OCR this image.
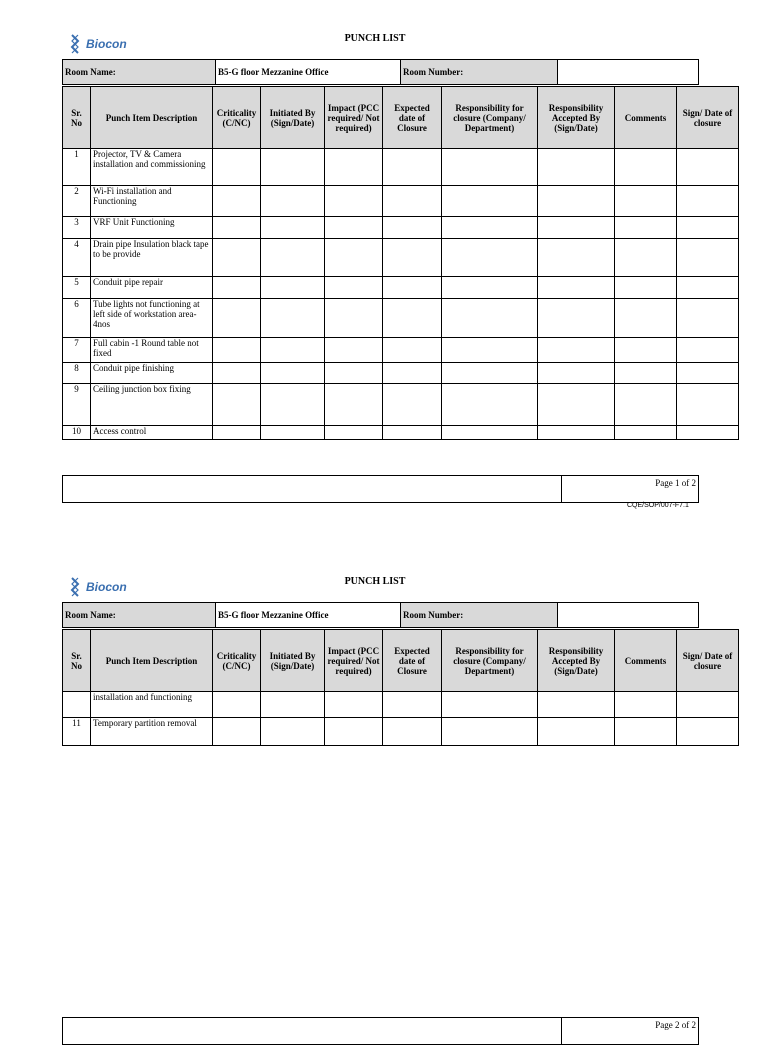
Biocon	PUNCH LIST
Room Name:	B5-G floor Mezzanine Office	Room Number:	
Sr. No	Punch Item Description	Criticality (C/NC)	Initiated By (Sign/Date)	Impact (PCC required/ Not required)	Expected date of Closure	Responsibility for closure (Company/ Department)	Responsibility Accepted By (Sign/Date)	Comments	Sign/ Date of closure
1	Projector, TV & Camera installation and commissioning								
2	Wi-Fi installation and Functioning								
3	VRF Unit Functioning								
4	Drain pipe Insulation black tape to be provide								
5	Conduit pipe repair								
6	Tube lights not functioning at left side of workstation area- 4nos								
7	Full cabin -1 Round table not fixed								
8	Conduit pipe finishing								
9	Ceiling junction box fixing								
10	Access control								
	Page 1 of 2
CQE/SOP/007-F7.1
Biocon	PUNCH LIST
Room Name:	B5-G floor Mezzanine Office	Room Number:	
Sr. No	Punch Item Description	Criticality (C/NC)	Initiated By (Sign/Date)	Impact (PCC required/ Not required)	Expected date of Closure	Responsibility for closure (Company/ Department)	Responsibility Accepted By (Sign/Date)	Comments	Sign/ Date of closure
	installation and functioning								
11	Temporary partition removal								
	Page 2 of 2
